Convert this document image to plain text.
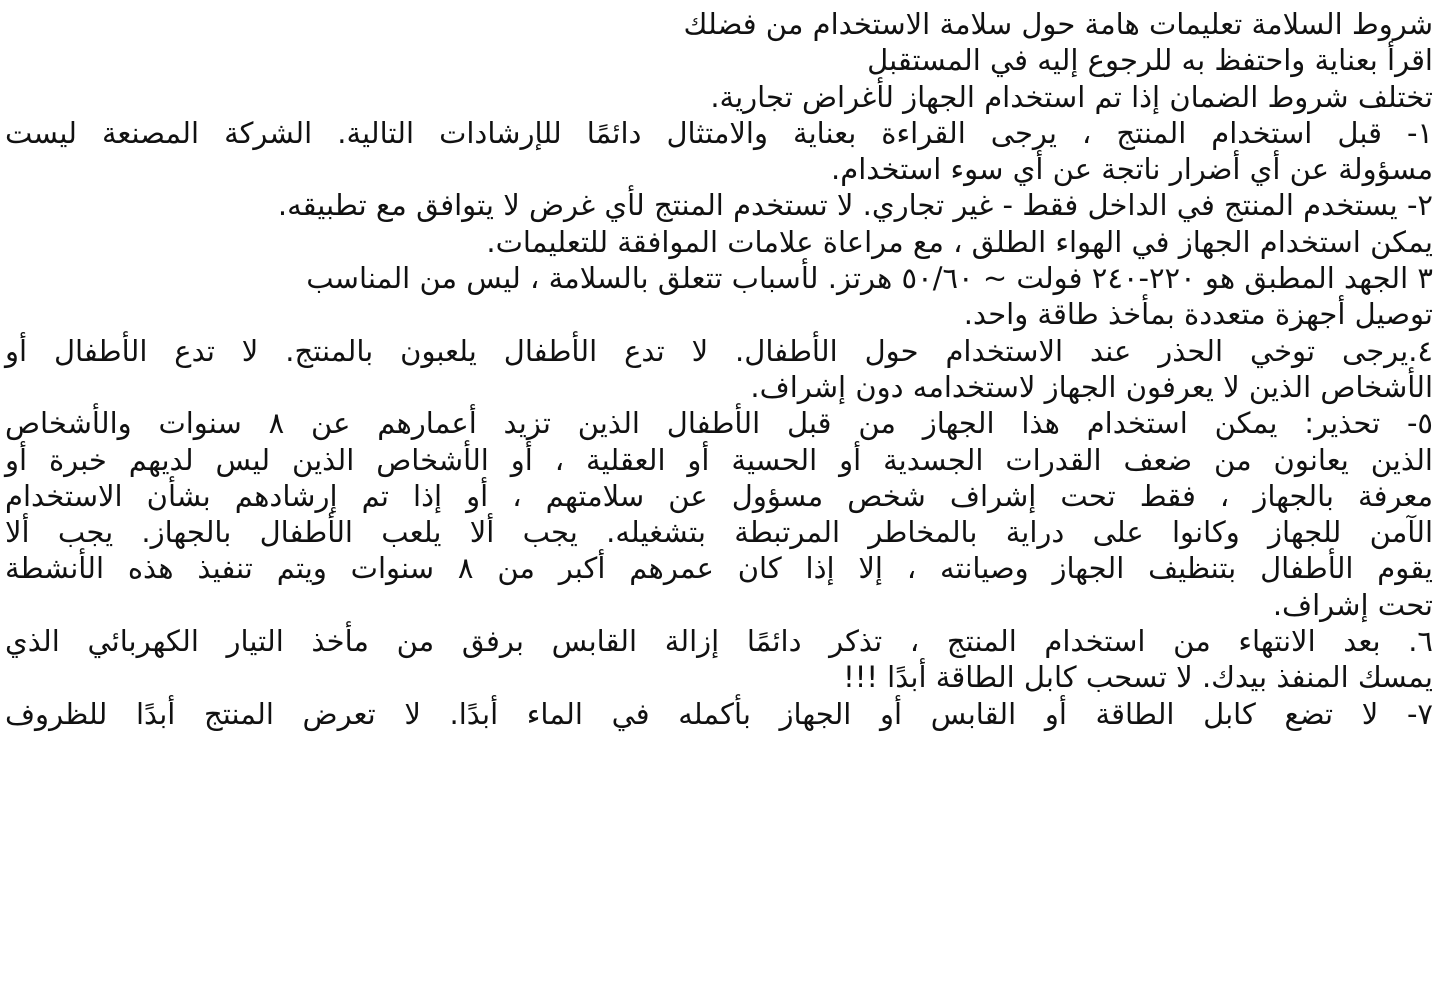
شروط السلامة تعليمات هامة حول سلامة الاستخدام من فضلك
اقرأ بعناية واحتفظ به للرجوع إليه في المستقبل
تختلف شروط الضمان إذا تم استخدام الجهاز لأغراض تجارية.
١- قبل استخدام المنتج ، يرجى القراءة بعناية والامتثال دائمًا للإرشادات التالية. الشركة المصنعة ليست
مسؤولة عن أي أضرار ناتجة عن أي سوء استخدام.
٢- يستخدم المنتج في الداخل فقط - غير تجاري. لا تستخدم المنتج لأي غرض لا يتوافق مع تطبيقه.
يمكن استخدام الجهاز في الهواء الطلق ، مع مراعاة علامات الموافقة للتعليمات.
٣ الجهد المطبق هو ٢٢٠-٢٤٠ فولت ~ ٥٠/٦٠ هرتز. لأسباب تتعلق بالسلامة ، ليس من المناسب
توصيل أجهزة متعددة بمأخذ طاقة واحد.
٤.يرجى توخي الحذر عند الاستخدام حول الأطفال. لا تدع الأطفال يلعبون بالمنتج. لا تدع الأطفال أو
الأشخاص الذين لا يعرفون الجهاز لاستخدامه دون إشراف.
٥- تحذير: يمكن استخدام هذا الجهاز من قبل الأطفال الذين تزيد أعمارهم عن ٨ سنوات والأشخاص
الذين يعانون من ضعف القدرات الجسدية أو الحسية أو العقلية ، أو الأشخاص الذين ليس لديهم خبرة أو
معرفة بالجهاز ، فقط تحت إشراف شخص مسؤول عن سلامتهم ، أو إذا تم إرشادهم بشأن الاستخدام
الآمن للجهاز وكانوا على دراية بالمخاطر المرتبطة بتشغيله. يجب ألا يلعب الأطفال بالجهاز. يجب ألا
يقوم الأطفال بتنظيف الجهاز وصيانته ، إلا إذا كان عمرهم أكبر من ٨ سنوات ويتم تنفيذ هذه الأنشطة
تحت إشراف.
٦. بعد الانتهاء من استخدام المنتج ، تذكر دائمًا إزالة القابس برفق من مأخذ التيار الكهربائي الذي
يمسك المنفذ بيدك. لا تسحب كابل الطاقة أبدًا !!!
٧- لا تضع كابل الطاقة أو القابس أو الجهاز بأكمله في الماء أبدًا. لا تعرض المنتج أبدًا للظروف
